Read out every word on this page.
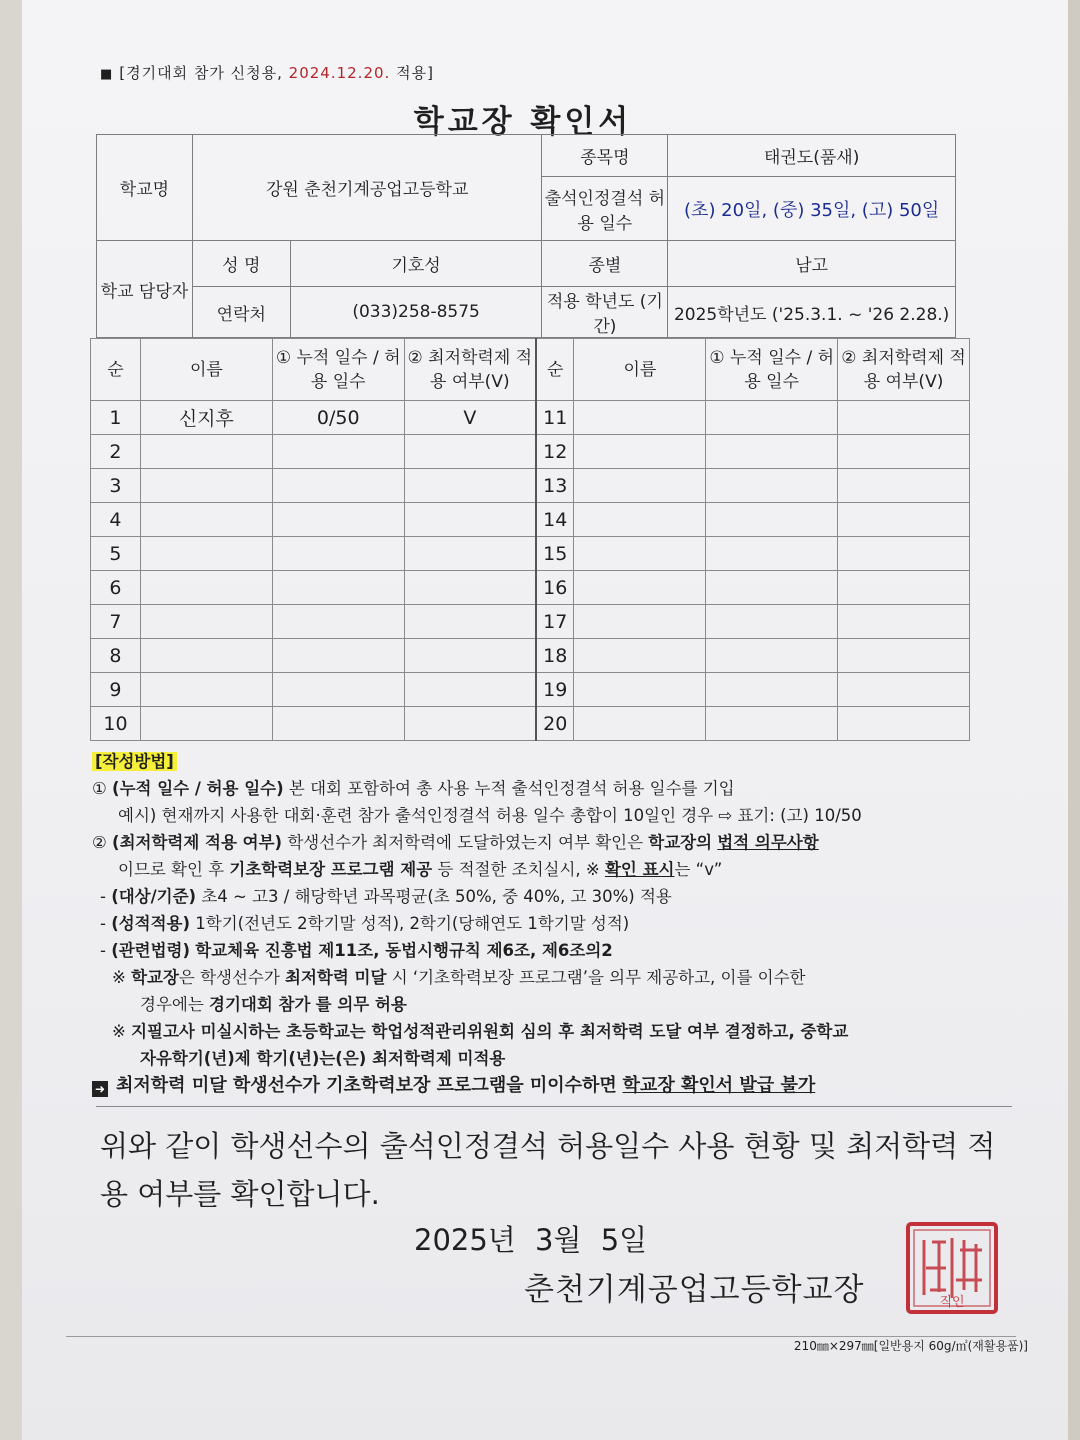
■ [경기대회 참가 신청용, 2024.12.20. 적용]
학교장 확인서
학교명	강원 춘천기계공업고등학교		종목명	태권도(품새)
			출석인정결석 허용 일수	(초) 20일, (중) 35일, (고) 50일
학교 담당자	성 명	기호성	종별	남고
	연락처	(033)258-8575	적용 학년도 (기간)	2025학년도 ('25.3.1. ~ '26 2.28.)
순	이름	① 누적 일수 / 허용 일수	② 최저학력제 적용 여부(V)	순	이름	① 누적 일수 / 허용 일수	② 최저학력제 적용 여부(V)
1	신지후	0/50	V	11			
2				12			
3				13			
4				14			
5				15			
6				16			
7				17			
8				18			
9				19			
10				20			
[작성방법]

① (누적 일수 / 허용 일수) 본 대회 포함하여 총 사용 누적 출석인정결석 허용 일수를 기입

예시) 현재까지 사용한 대회·훈련 참가 출석인정결석 허용 일수 총합이 10일인 경우 ⇨ 표기: (고) 10/50

② (최저학력제 적용 여부) 학생선수가 최저학력에 도달하였는지 여부 확인은 학교장의 법적 의무사항

이므로 확인 후 기초학력보장 프로그램 제공 등 적절한 조치실시, ※ 확인 표시는 “v”

- (대상/기준) 초4 ~ 고3 / 해당학년 과목평균(초 50%, 중 40%, 고 30%) 적용

- (성적적용) 1학기(전년도 2학기말 성적), 2학기(당해연도 1학기말 성적)

- (관련법령) 학교체육 진흥법 제11조, 동법시행규칙 제6조, 제6조의2

※ 학교장은 학생선수가 최저학력 미달 시 ‘기초학력보장 프로그램’을 의무 제공하고, 이를 이수한

경우에는 경기대회 참가 를 의무 허용

※ 지필고사 미실시하는 초등학교는 학업성적관리위원회 심의 후 최저학력 도달 여부 결정하고, 중학교

자유학기(년)제 학기(년)는(은) 최저학력제 미적용

➜ 최저학력 미달 학생선수가 기초학력보장 프로그램을 미이수하면 학교장 확인서 발급 불가

위와 같이 학생선수의 출석인정결석 허용일수 사용 현황 및 최저학력 적용 여부를 확인합니다.
2025년 3월 5일
춘천기계공업고등학교장	직인
210㎜×297㎜[일반용지 60g/㎡(재활용품)]
